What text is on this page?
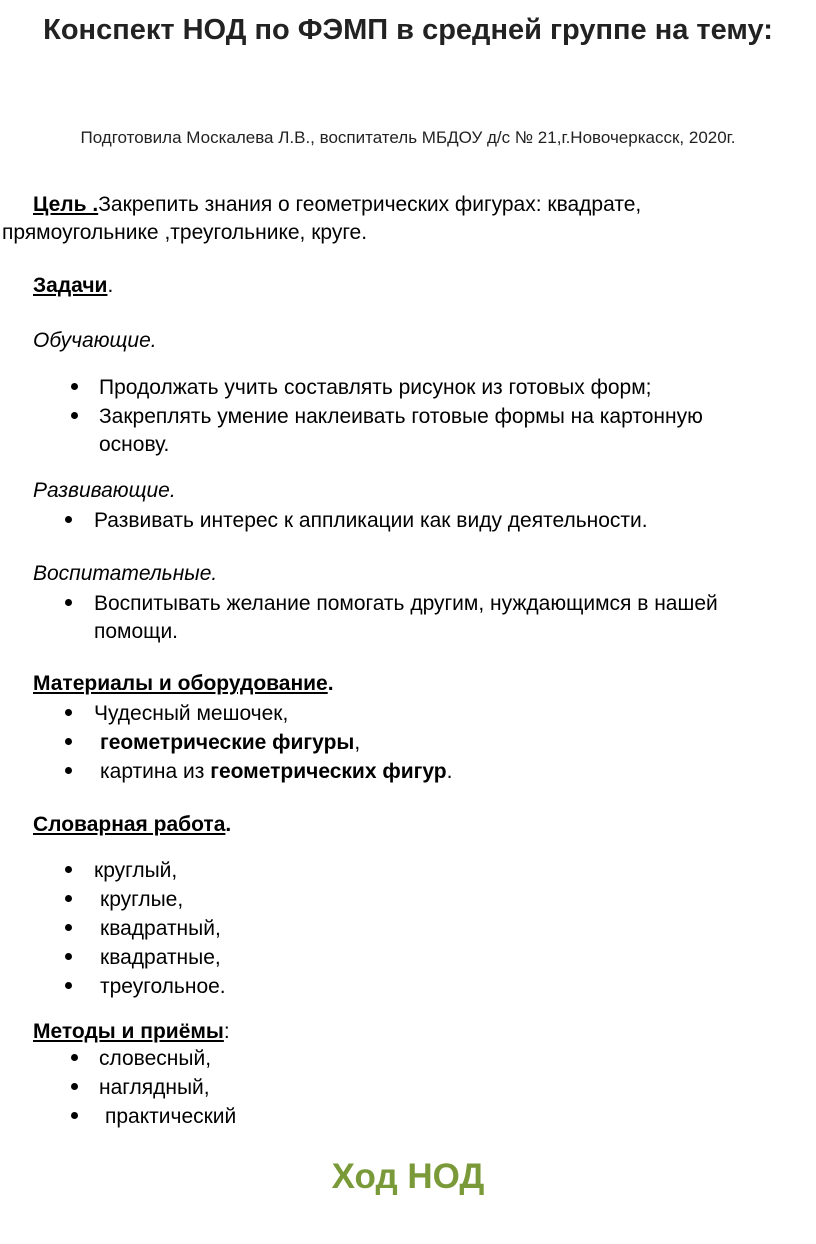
Конспект НОД по ФЭМП в средней группе на тему:
Подготовила Москалева Л.В., воспитатель МБДОУ д/с № 21,г.Новочеркасск, 2020г.
Цель .Закрепить знания о геометрических фигурах: квадрате,
прямоугольнике ,треугольнике, круге.
Задачи.
Обучающие.
Продолжать учить составлять рисунок из готовых форм;
Закреплять умение наклеивать готовые формы на картонную
основу.
Развивающие.
Развивать интерес к аппликации как виду деятельности.
Воспитательные.
Воспитывать желание помогать другим, нуждающимся в нашей
помощи.
Материалы и оборудование.
Чудесный мешочек,
геометрические фигуры,
картина из геометрических фигур.
Словарная работа.
круглый,
круглые,
квадратный,
квадратные,
треугольное.
Методы и приёмы:
словесный,
наглядный,
практический
Ход НОД
